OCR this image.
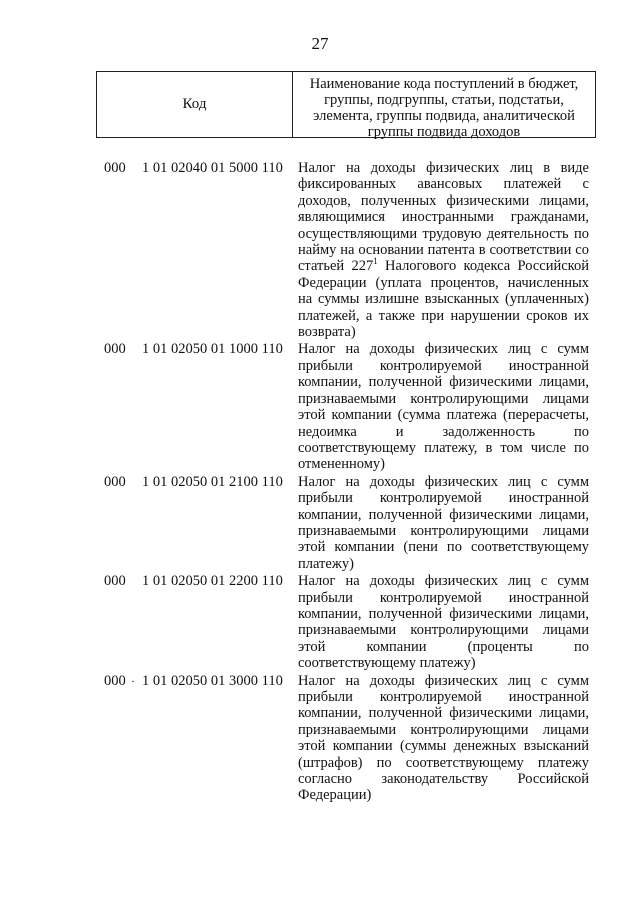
27
Код
Наименование кода поступлений в бюджет, группы, подгруппы, статьи, подстатьи, элемента, группы подвида, аналитической группы подвида доходов
000 1 01 02040 01 5000 110 Налог на доходы физических лиц в виде фиксированных авансовых платежей с доходов, полученных физическими лицами, являющимися иностранными гражданами, осуществляющими трудовую деятельность по найму на основании патента в соответствии со статьей $227^1$ Налогового кодекса Российской Федерации (уплата процентов, начисленных на суммы излишне взысканных (уплаченных) платежей, а также при нарушении сроков их возврата)
000 1 01 02050 01 1000 110 Налог на доходы физических лиц с сумм прибыли контролируемой иностранной компании, полученной физическими лицами, признаваемыми контролирующими лицами этой компании (сумма платежа (перерасчеты, недоимка и задолженность по соответствующему платежу, в том числе по отмененному)
000 1 01 02050 01 2100 110 Налог на доходы физических лиц с сумм прибыли контролируемой иностранной компании, полученной физическими лицами, признаваемыми контролирующими лицами этой компании (пени по соответствующему платежу)
000 1 01 02050 01 2200 110 Налог на доходы физических лиц с сумм прибыли контролируемой иностранной компании, полученной физическими лицами, признаваемыми контролирующими лицами этой компании (проценты по соответствующему платежу)
000 · 1 01 02050 01 3000 110 Налог на доходы физических лиц с сумм прибыли контролируемой иностранной компании, полученной физическими лицами, признаваемыми контролирующими лицами этой компании (суммы денежных взысканий (штрафов) по соответствующему платежу согласно законодательству Российской Федерации)
